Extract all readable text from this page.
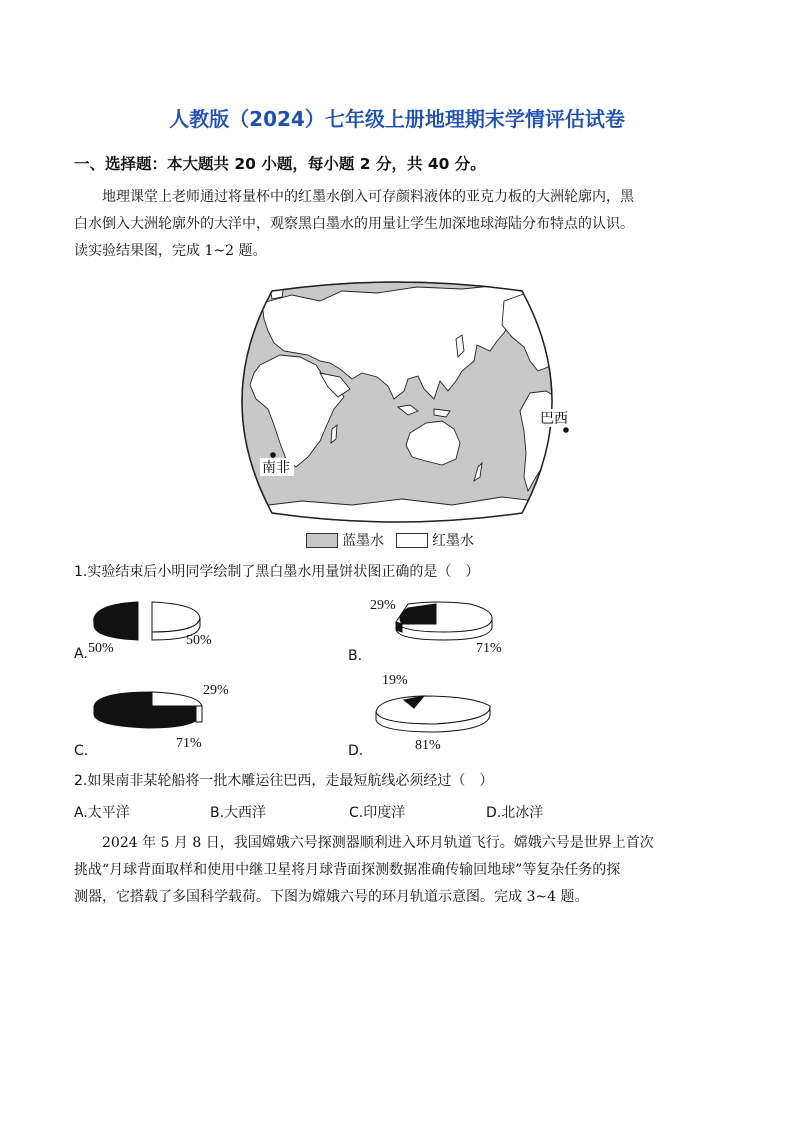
人教版（2024）七年级上册地理期末学情评估试卷
一、选择题：本大题共 20 小题，每小题 2 分，共 40 分。
地理课堂上老师通过将量杯中的红墨水倒入可存颜料液体的亚克力板的大洲轮廓内，黑
白水倒入大洲轮廓外的大洋中，观察黑白墨水的用量让学生加深地球海陆分布特点的认识。
读实验结果图，完成 1~2 题。
南非
巴西
蓝墨水	红墨水
1.实验结束后小明同学绘制了黑白墨水用量饼状图正确的是（　）
A. 50%
50%
B.
29%
71%
C.
29%
71%	D.
19%
81%
2.如果南非某轮船将一批木雕运往巴西，走最短航线必须经过（　）
A.太平洋	B.大西洋	C.印度洋	D.北冰洋
2024 年 5 月 8 日，我国嫦娥六号探测器顺利进入环月轨道飞行。嫦娥六号是世界上首次
挑战“月球背面取样和使用中继卫星将月球背面探测数据准确传输回地球”等复杂任务的探
测器，它搭载了多国科学载荷。下图为嫦娥六号的环月轨道示意图。完成 3~4 题。
